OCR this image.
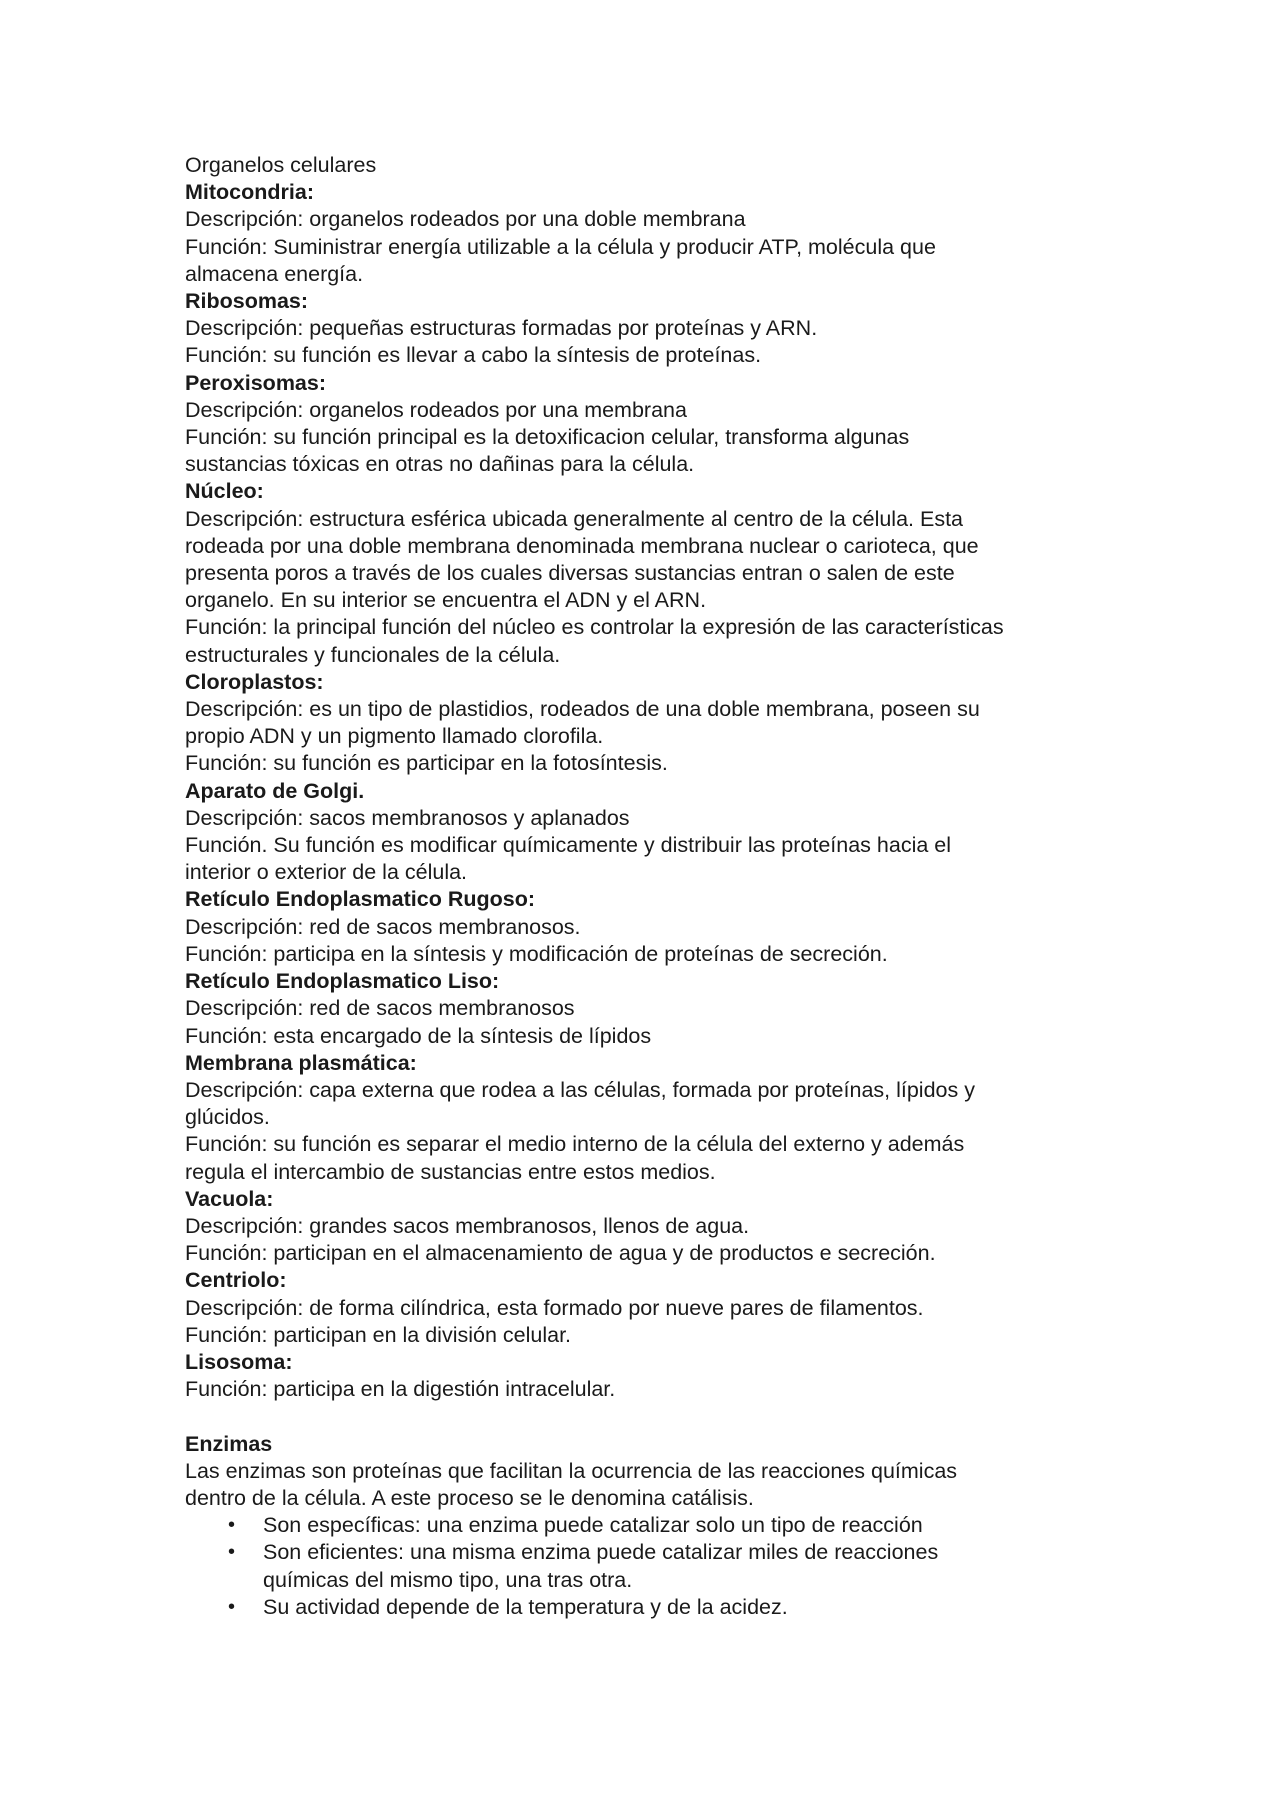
Organelos celulares
Mitocondria:
Descripción: organelos rodeados por una doble membrana
Función: Suministrar energía utilizable a la célula y producir ATP, molécula que
almacena energía.
Ribosomas:
Descripción: pequeñas estructuras formadas por proteínas y ARN.
Función: su función es llevar a cabo la síntesis de proteínas.
Peroxisomas:
Descripción: organelos rodeados por una membrana
Función: su función principal es la detoxificacion celular, transforma algunas
sustancias tóxicas en otras no dañinas para la célula.
Núcleo:
Descripción: estructura esférica ubicada generalmente al centro de la célula. Esta
rodeada por una doble membrana denominada membrana nuclear o carioteca, que
presenta poros a través de los cuales diversas sustancias entran o salen de este
organelo. En su interior se encuentra el ADN y el ARN.
Función: la principal función del núcleo es controlar la expresión de las características
estructurales y funcionales de la célula.
Cloroplastos:
Descripción: es un tipo de plastidios, rodeados de una doble membrana, poseen su
propio ADN y un pigmento llamado clorofila.
Función: su función es participar en la fotosíntesis.
Aparato de Golgi.
Descripción: sacos membranosos y aplanados
Función. Su función es modificar químicamente y distribuir las proteínas hacia el
interior o exterior de la célula.
Retículo Endoplasmatico Rugoso:
Descripción: red de sacos membranosos.
Función: participa en la síntesis y modificación de proteínas de secreción.
Retículo Endoplasmatico Liso:
Descripción: red de sacos membranosos
Función: esta encargado de la síntesis de lípidos
Membrana plasmática:
Descripción: capa externa que rodea a las células, formada por proteínas, lípidos y
glúcidos.
Función: su función es separar el medio interno de la célula del externo y además
regula el intercambio de sustancias entre estos medios.
Vacuola:
Descripción: grandes sacos membranosos, llenos de agua.
Función: participan en el almacenamiento de agua y de productos e secreción.
Centriolo:
Descripción: de forma cilíndrica, esta formado por nueve pares de filamentos.
Función: participan en la división celular.
Lisosoma:
Función: participa en la digestión intracelular.
Enzimas
Las enzimas son proteínas que facilitan la ocurrencia de las reacciones químicas
dentro de la célula. A este proceso se le denomina catálisis.
• Son específicas: una enzima puede catalizar solo un tipo de reacción
• Son eficientes: una misma enzima puede catalizar miles de reacciones químicas del mismo tipo, una tras otra.
• Su actividad depende de la temperatura y de la acidez.
